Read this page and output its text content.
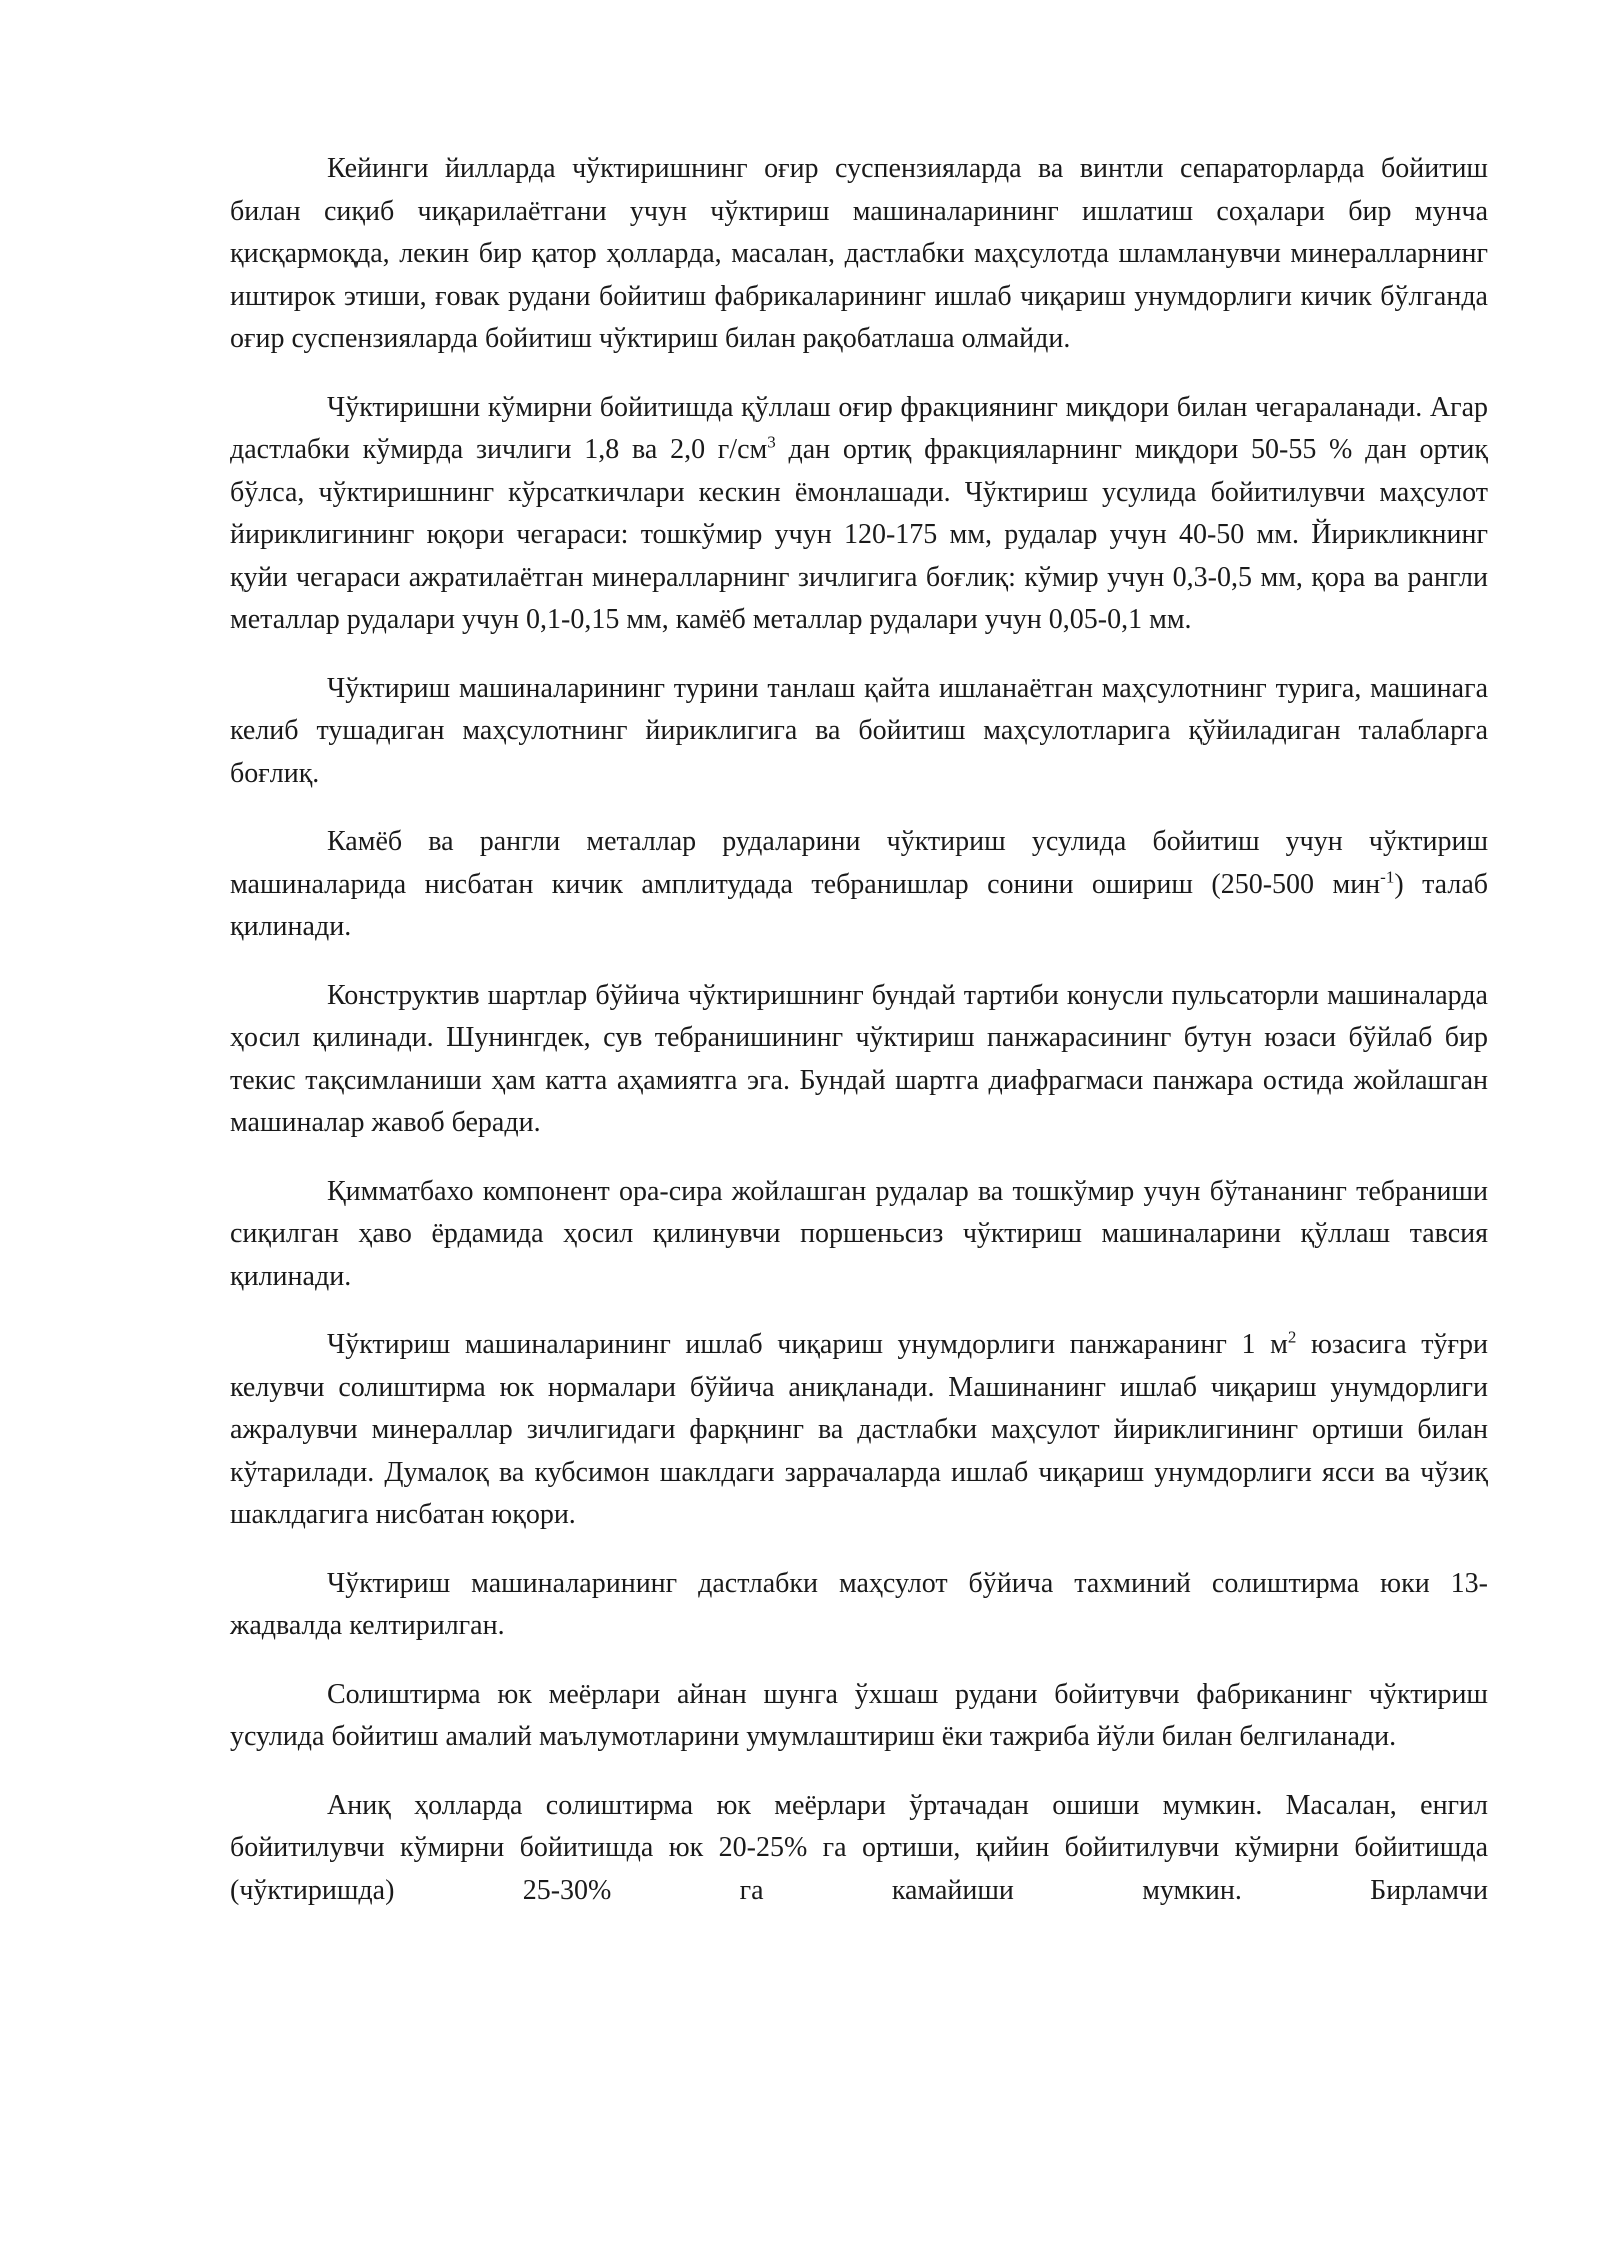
Кейинги йилларда чўктиришнинг оғир суспензияларда ва винтли сепараторларда бойитиш билан сиқиб чиқарилаётгани учун чўктириш машиналарининг ишлатиш соҳалари бир мунча қисқармоқда, лекин бир қатор ҳолларда, масалан, дастлабки маҳсулотда шламланувчи минералларнинг иштирок этиши, ғовак рудани бойитиш фабрикаларининг ишлаб чиқариш унумдорлиги кичик бўлганда оғир суспензияларда бойитиш чўктириш билан рақобатлаша олмайди.

Чўктиришни кўмирни бойитишда қўллаш оғир фракциянинг миқдори билан чегараланади. Агар дастлабки кўмирда зичлиги 1,8 ва 2,0 $г/см^3$ дан ортиқ фракцияларнинг миқдори 50-55 % дан ортиқ бўлса, чўктиришнинг кўрсаткичлари кескин ёмонлашади. Чўктириш усулида бойитилувчи маҳсулот йириклигининг юқори чегараси: тошкўмир учун 120-175 мм, рудалар учун 40-50 мм. Йирикликнинг қуйи чегараси ажратилаётган минералларнинг зичлигига боғлиқ: кўмир учун 0,3-0,5 мм, қора ва рангли металлар рудалари учун 0,1-0,15 мм, камёб металлар рудалари учун 0,05-0,1 мм.

Чўктириш машиналарининг турини танлаш қайта ишланаётган маҳсулотнинг турига, машинага келиб тушадиган маҳсулотнинг йириклигига ва бойитиш маҳсулотларига қўйиладиган талабларга боғлиқ.

Камёб ва рангли металлар рудаларини чўктириш усулида бойитиш учун чўктириш машиналарида нисбатан кичик амплитудада тебранишлар сонини ошириш (250-500 мин$^{-1}$) талаб қилинади.

Конструктив шартлар бўйича чўктиришнинг бундай тартиби конусли пульсаторли машиналарда ҳосил қилинади. Шунингдек, сув тебранишининг чўктириш панжарасининг бутун юзаси бўйлаб бир текис тақсимланиши ҳам катта аҳамиятга эга. Бундай шартга диафрагмаси панжара остида жойлашган машиналар жавоб беради.

Қимматбахо компонент ора-сира жойлашган рудалар ва тошкўмир учун бўтананинг тебраниши сиқилган ҳаво ёрдамида ҳосил қилинувчи поршеньсиз чўктириш машиналарини қўллаш тавсия қилинади.

Чўктириш машиналарининг ишлаб чиқариш унумдорлиги панжаранинг 1 $м^2$ юзасига тўғри келувчи солиштирма юк нормалари бўйича аниқланади. Машинанинг ишлаб чиқариш унумдорлиги ажралувчи минераллар зичлигидаги фарқнинг ва дастлабки маҳсулот йириклигининг ортиши билан кўтарилади. Думалоқ ва кубсимон шаклдаги заррачаларда ишлаб чиқариш унумдорлиги ясси ва чўзиқ шаклдагига нисбатан юқори.

Чўктириш машиналарининг дастлабки маҳсулот бўйича тахминий солиштирма юки 13-жадвалда келтирилган.

Солиштирма юк меёрлари айнан шунга ўхшаш рудани бойитувчи фабриканинг чўктириш усулида бойитиш амалий маълумотларини умумлаштириш ёки тажриба йўли билан белгиланади.

Аниқ ҳолларда солиштирма юк меёрлари ўртачадан ошиши мумкин. Масалан, енгил бойитилувчи кўмирни бойитишда юк 20-25% га ортиши, қийин бойитилувчи кўмирни бойитишда (чўктиришда) 25-30% га камайиши мумкин. Бирламчи
